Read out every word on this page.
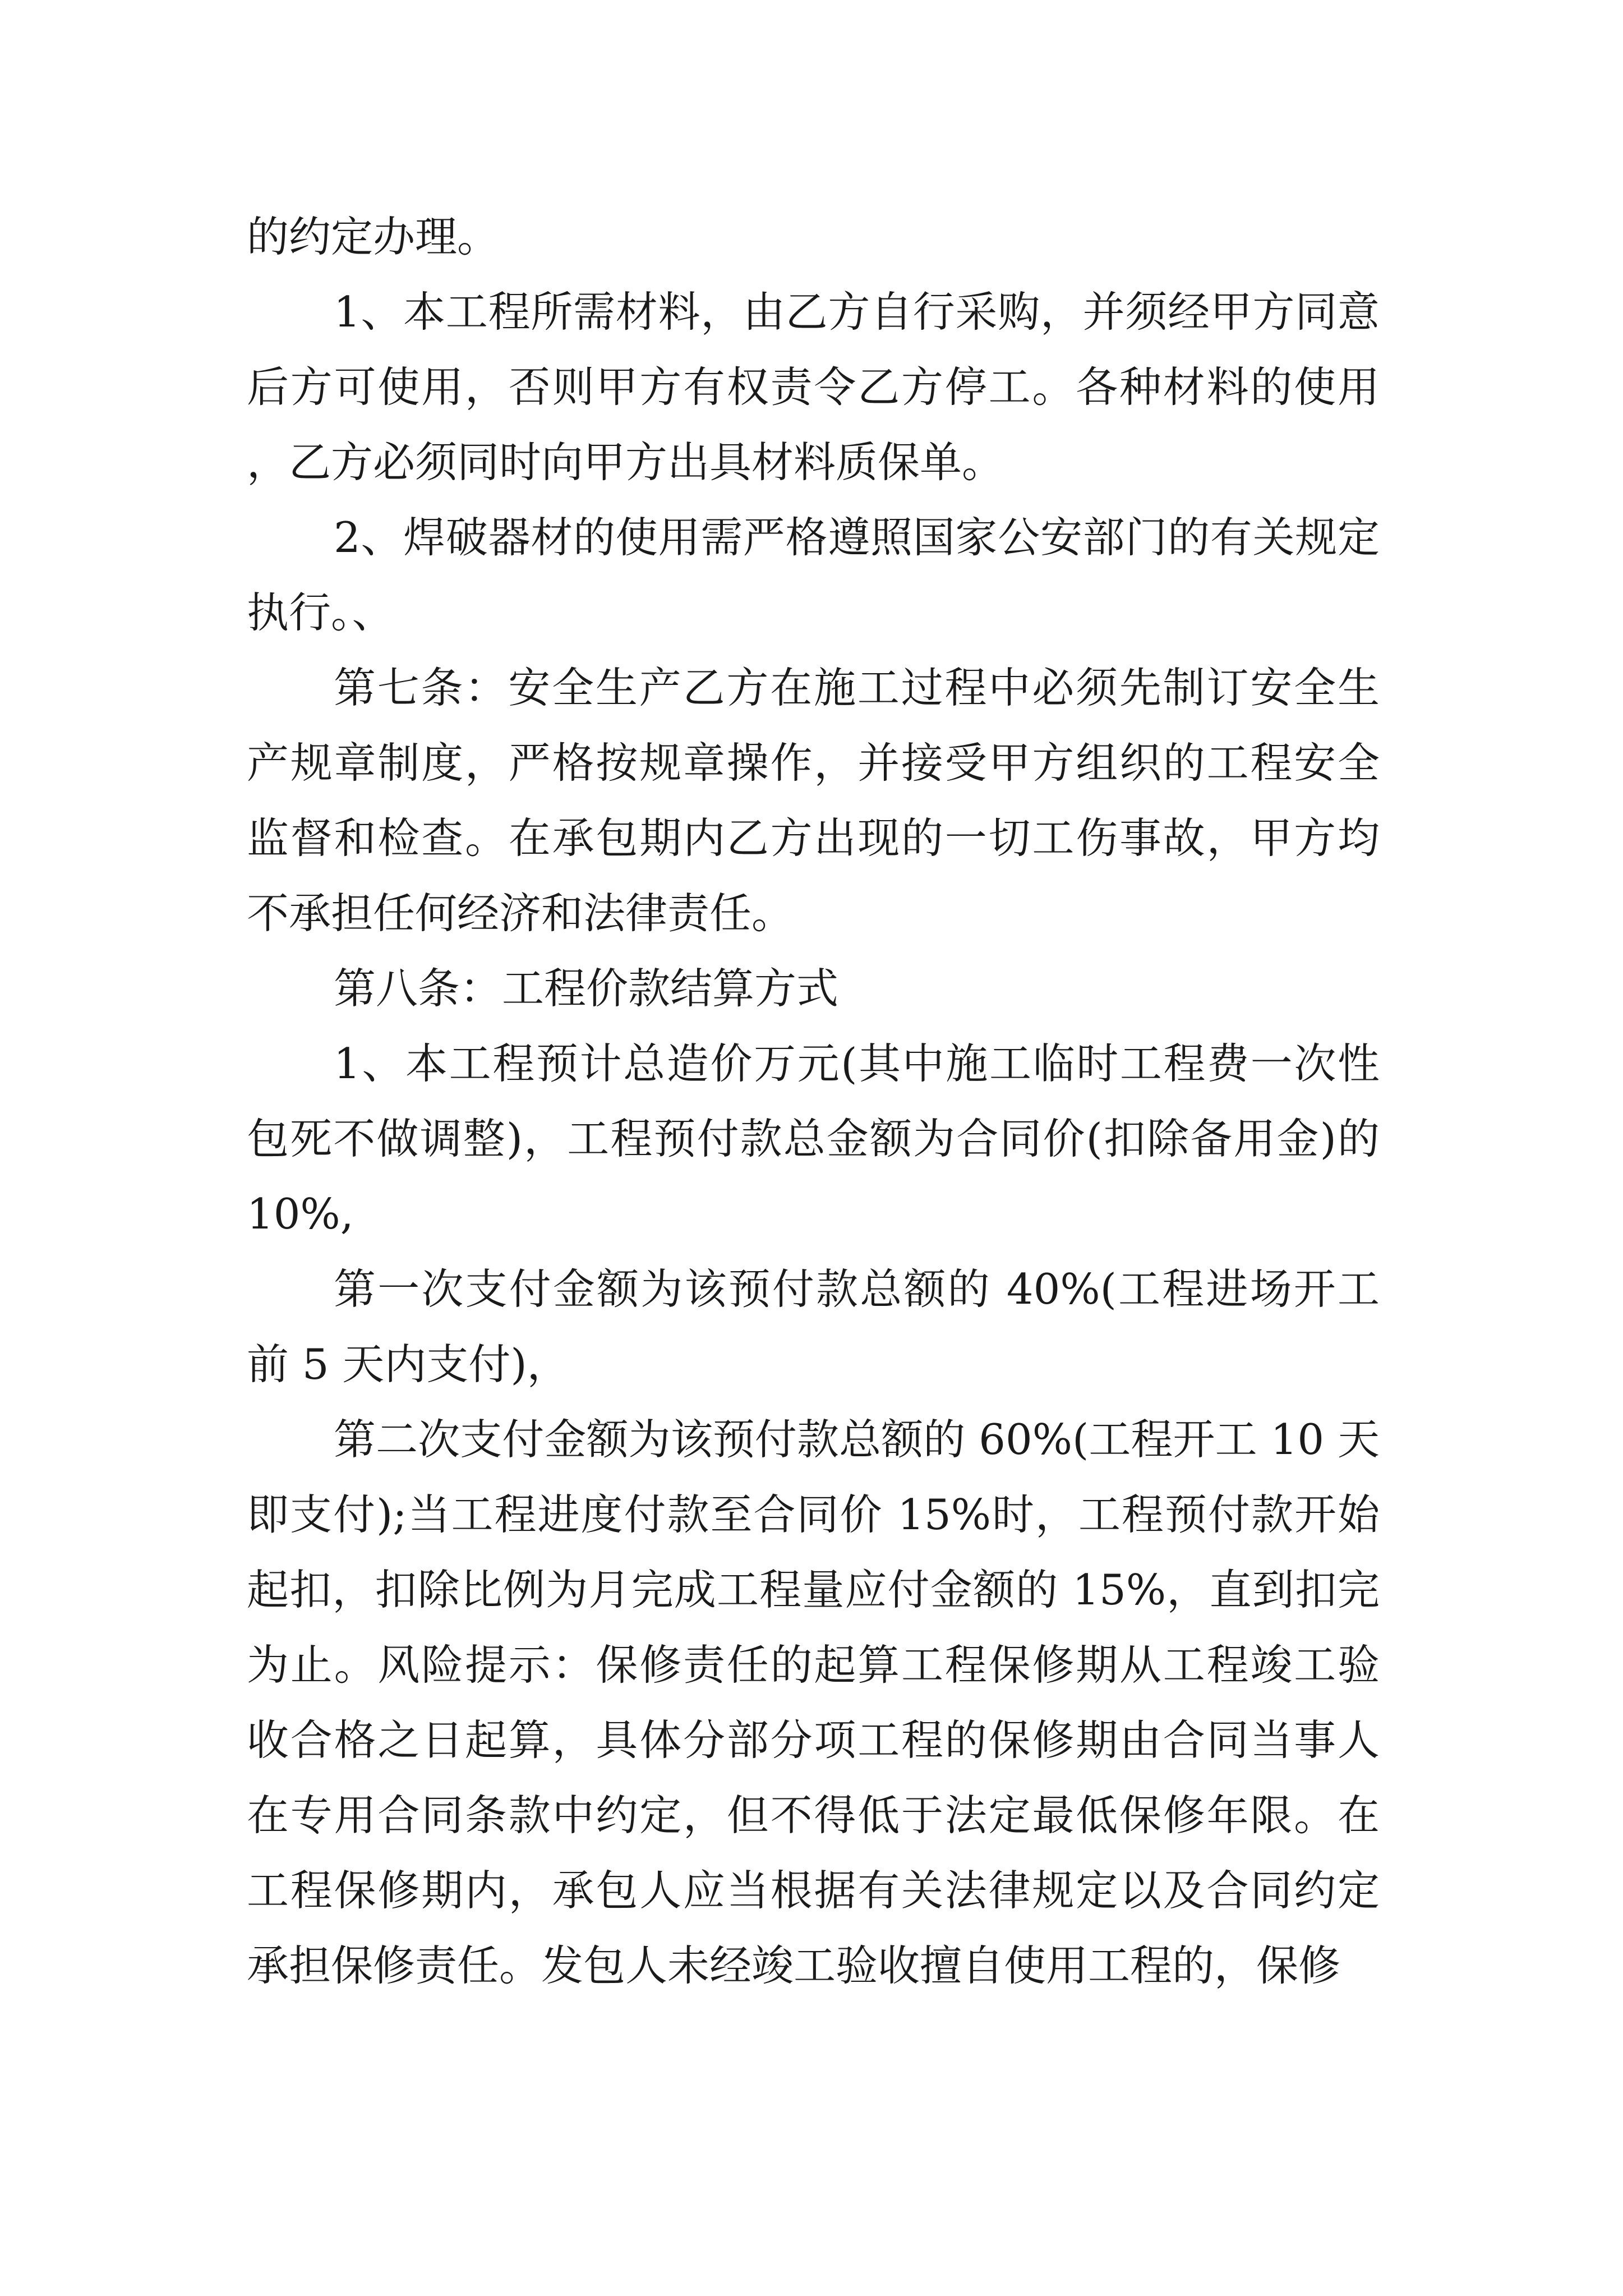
的约定办理。

1、本工程所需材料，由乙方自行采购，并须经甲方同意后方可使用，否则甲方有权责令乙方停工。各种材料的使用，乙方必须同时向甲方出具材料质保单。

2、焊破器材的使用需严格遵照国家公安部门的有关规定执行。、

第七条：安全生产乙方在施工过程中必须先制订安全生产规章制度，严格按规章操作，并接受甲方组织的工程安全监督和检查。在承包期内乙方出现的一切工伤事故，甲方均不承担任何经济和法律责任。

第八条：工程价款结算方式

1、本工程预计总造价万元(其中施工临时工程费一次性包死不做调整)，工程预付款总金额为合同价(扣除备用金)的 10%,

第一次支付金额为该预付款总额的 40%(工程进场开工前 5 天内支付)，

第二次支付金额为该预付款总额的 60%(工程开工 10 天即支付);当工程进度付款至合同价 15%时，工程预付款开始起扣，扣除比例为月完成工程量应付金额的 15%，直到扣完为止。风险提示：保修责任的起算工程保修期从工程竣工验收合格之日起算，具体分部分项工程的保修期由合同当事人在专用合同条款中约定，但不得低于法定最低保修年限。在工程保修期内，承包人应当根据有关法律规定以及合同约定承担保修责任。发包人未经竣工验收擅自使用工程的，保修
